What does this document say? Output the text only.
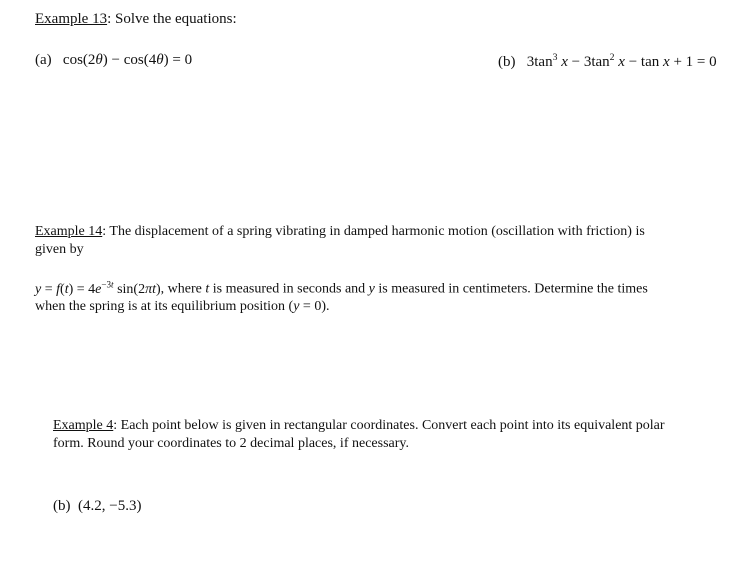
Example 13: Solve the equations:
(a)   cos(2θ) − cos(4θ) = 0	(b)   $3\tan^3$ $x - 3\tan^2$ x − tan x + 1 = 0
Example 14: The displacement of a spring vibrating in damped harmonic motion (oscillation with friction) is
given by
$y = f(t) = 4e^{-3t}$ sin(2πt), where t is measured in seconds and y is measured in centimeters. Determine the times
when the spring is at its equilibrium position (y = 0).
Example 4: Each point below is given in rectangular coordinates. Convert each point into its equivalent polar
form. Round your coordinates to 2 decimal places, if necessary.
(b) (4.2, −5.3)
